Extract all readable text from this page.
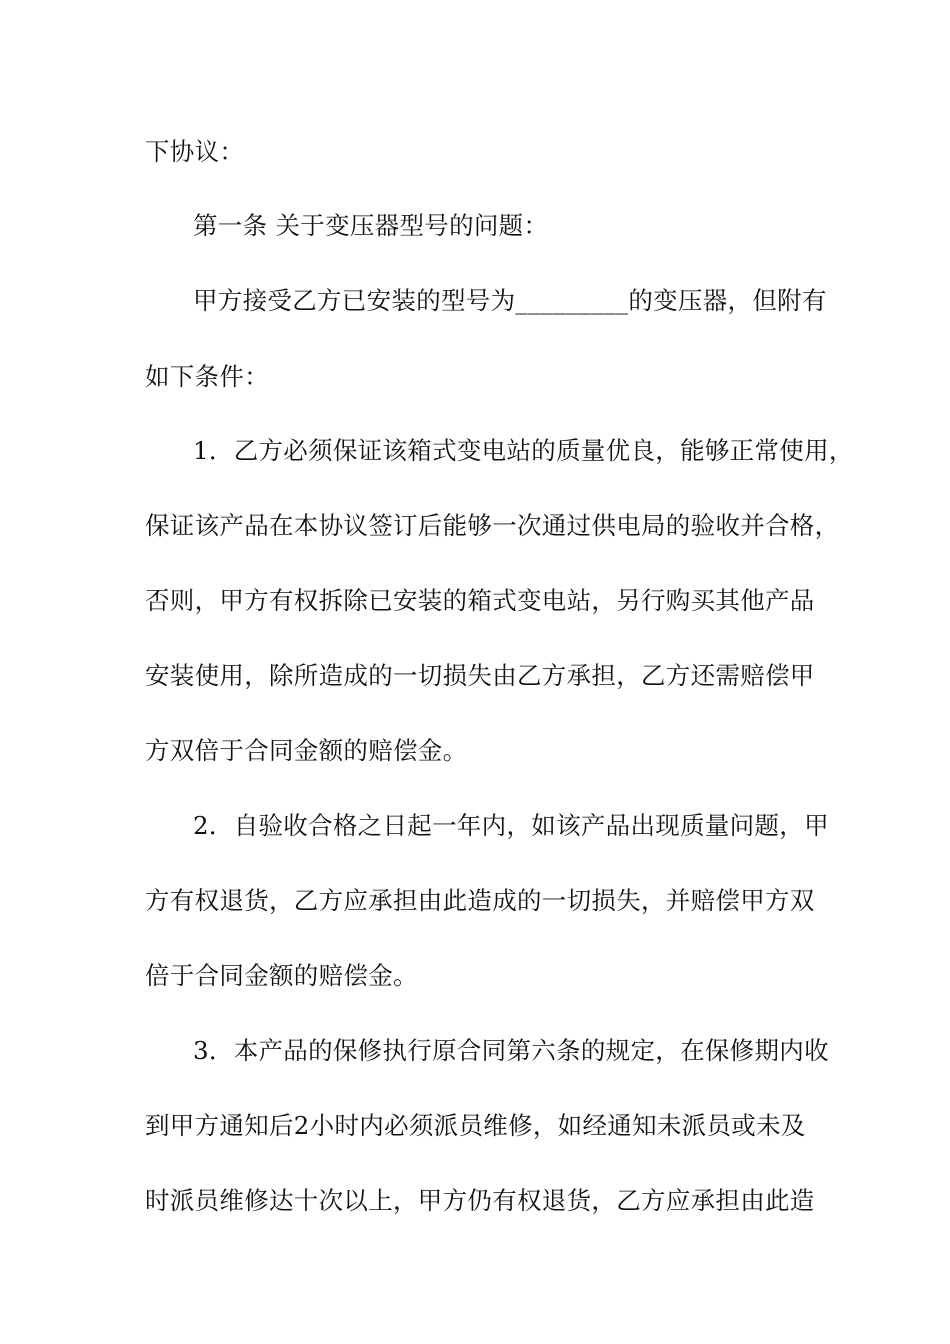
下协议：
第一条 关于变压器型号的问题：
甲方接受乙方已安装的型号为_________的变压器，但附有
如下条件：
1．乙方必须保证该箱式变电站的质量优良，能够正常使用，
保证该产品在本协议签订后能够一次通过供电局的验收并合格，
否则，甲方有权拆除已安装的箱式变电站，另行购买其他产品
安装使用，除所造成的一切损失由乙方承担，乙方还需赔偿甲
方双倍于合同金额的赔偿金。
2．自验收合格之日起一年内，如该产品出现质量问题，甲
方有权退货，乙方应承担由此造成的一切损失，并赔偿甲方双
倍于合同金额的赔偿金。
3．本产品的保修执行原合同第六条的规定，在保修期内收
到甲方通知后2小时内必须派员维修，如经通知未派员或未及
时派员维修达十次以上，甲方仍有权退货，乙方应承担由此造
